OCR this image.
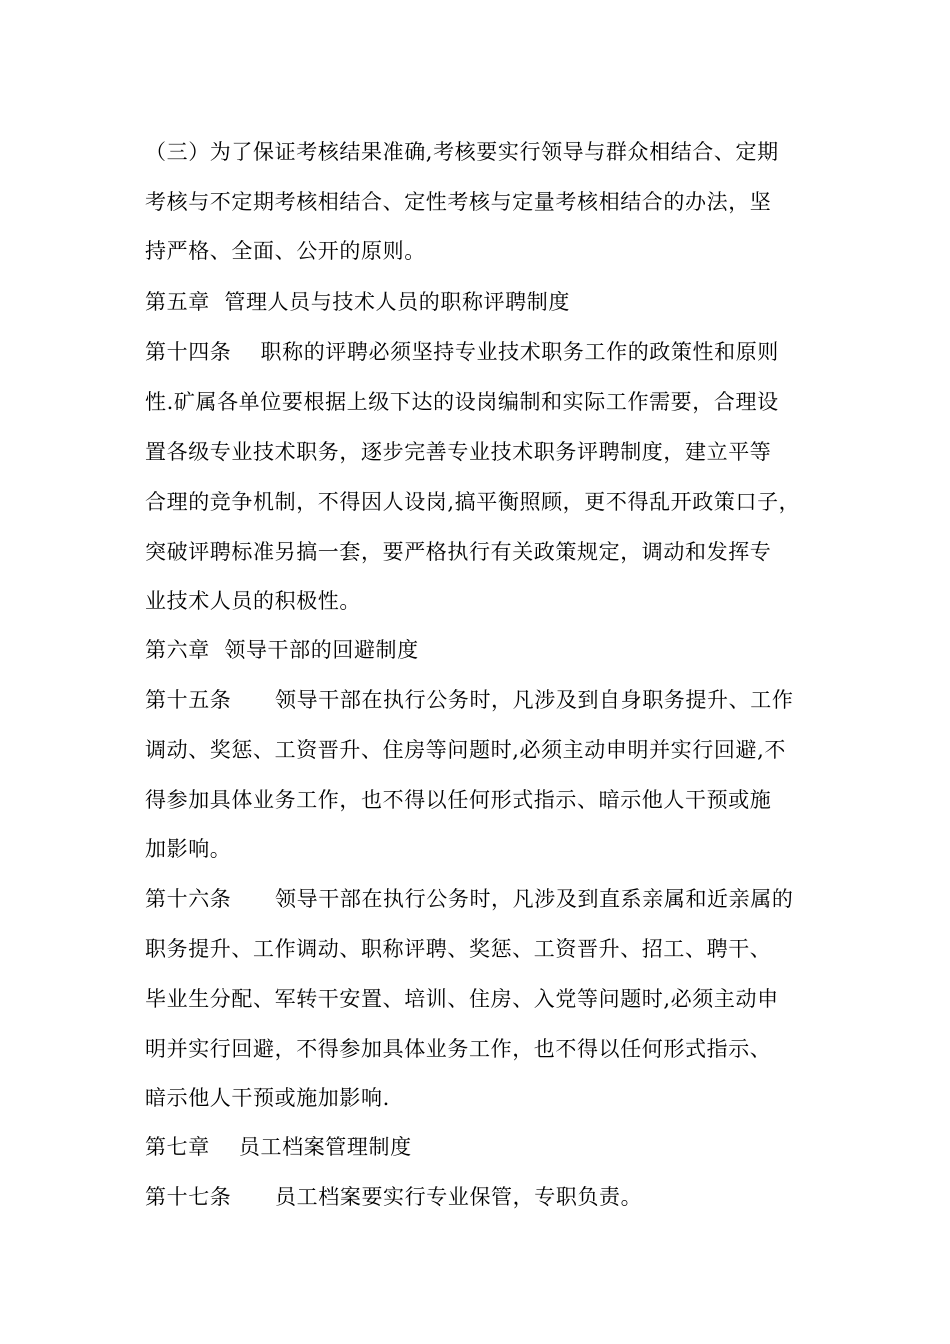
（三）为了保证考核结果准确,考核要实行领导与群众相结合、定期
考核与不定期考核相结合、定性考核与定量考核相结合的办法，坚
持严格、全面、公开的原则。
第五章  管理人员与技术人员的职称评聘制度
第十四条    职称的评聘必须坚持专业技术职务工作的政策性和原则
性.矿属各单位要根据上级下达的设岗编制和实际工作需要，合理设
置各级专业技术职务，逐步完善专业技术职务评聘制度，建立平等
合理的竞争机制，不得因人设岗,搞平衡照顾，更不得乱开政策口子，
突破评聘标准另搞一套，要严格执行有关政策规定，调动和发挥专
业技术人员的积极性。
第六章  领导干部的回避制度
第十五条      领导干部在执行公务时，凡涉及到自身职务提升、工作
调动、奖惩、工资晋升、住房等问题时,必须主动申明并实行回避,不
得参加具体业务工作，也不得以任何形式指示、暗示他人干预或施
加影响。
第十六条      领导干部在执行公务时，凡涉及到直系亲属和近亲属的
职务提升、工作调动、职称评聘、奖惩、工资晋升、招工、聘干、
毕业生分配、军转干安置、培训、住房、入党等问题时,必须主动申
明并实行回避，不得参加具体业务工作，也不得以任何形式指示、
暗示他人干预或施加影响.
第七章    员工档案管理制度
第十七条      员工档案要实行专业保管，专职负责。
